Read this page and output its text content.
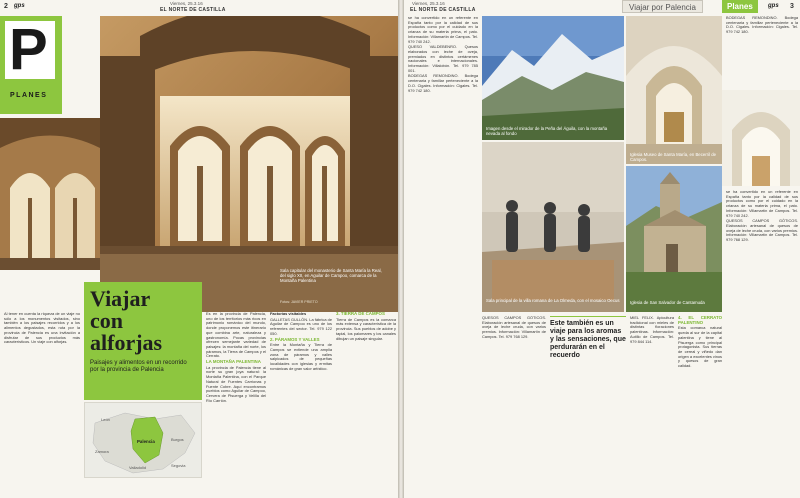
2 gps	Viernes, 25.3.16
EL NORTE DE CASTILLA
P
PLANES
Sala capitular del monasterio de Santa María la Real, del siglo XII, en Aguilar de Campoo, comarca de la Montaña Palentina
Fotos: JAVIER PRIETO
Viajar
con
alforjas
Paisajes y alimentos en un recorrido por la provincia de Palencia
León
Palencia	Burgos
Zamora
Valladolid	Segovia

Al tener en cuenta la riqueza de un viaje no sólo a los monumentos visitados, sino también a los paisajes recorridos y a los alimentos degustados, esta ruta por la provincia de Palencia es una invitación a disfrutar de sus productos más característicos. Un viaje con alforjas.

Es en la provincia de Palencia, uno de los territorios más ricos en patrimonio románico del mundo, donde proponemos este itinerario que combina arte, naturaleza y gastronomía. Pocas provincias ofrecen semejante variedad de paisajes: la montaña del norte, los páramos, la Tierra de Campos y el Cerrato.

LA MONTAÑA PALENTINA

La provincia de Palencia tiene al norte su gran joya natural: la Montaña Palentina, con el Parque Natural de Fuentes Carrionas y Fuente Cobre. Aquí encontramos pueblos como Aguilar de Campoo, Cervera de Pisuerga y Velilla del Río Carrión.

Factorías visitables

GALLETAS GULLÓN. La fábrica de Aguilar de Campoo es uno de los referentes del sector. Tel. 979 122 050.

2. PÁRAMOS Y VALLES

Entre la Montaña y Tierra de Campos se extiende una amplia zona de páramos y valles salpicados de pequeñas localidades con iglesias y ermitas románicas de gran valor artístico.

3. TIERRA DE CAMPOS

Tierra de Campos es la comarca más extensa y característica de la provincia. Sus pueblos de adobe y tapial, los palomares y los canales dibujan un paisaje singular.

Viernes, 25.3.16
EL NORTE DE CASTILLA	Viajar por Palencia	Planes	gps 3
Imagen desde el mirador de la Peña del Águila, con la montaña nevada al fondo
Iglesia Museo de Santa María, en Becerril de Campos.
Sala principal de la villa romana de La Olmeda, con el mosaico Oecus Iglesia de San Salvador de Cantamuda

se ha convertido en un referente en España tanto por la calidad de sus productos como por el cuidado en la crianza de su materia prima, el pato. Información: Villamartín de Campos. Tel. 979 740 242.

QUESO VALDEBENRO. Quesos elaborados con leche de oveja, premiados en distintos certámenes nacionales e internacionales. Información: Villalobón. Tel. 979 785 001.

BODEGAS REMONDINO. Bodega centenaria y familiar perteneciente a la D.O. Cigales. Información: Cigales. Tel. 979 742 180.

Este también es un viaje para los aromas y las sensaciones, que perdurarán en el recuerdo

QUESOS CAMPOS GÓTICOS. Elaboración artesanal de quesos de oveja de leche cruda, con varios premios. Información: Villamartín de Campos. Tel. 979 768 129.

MIEL FELIX. Apicultura tradicional con mieles de distintas floraciones palentinas. Información: Autillo de Campos. Tel. 979 844 114.

4. EL CERRATO PALENTINO

Esta comarca natural queda al sur de la capital palentina y tiene al Pisuerga como principal protagonista. Sus tierras de cereal y viñedo dan origen a excelentes vinos y quesos de gran calidad.

se ha convertido en un referente en España tanto por la calidad de sus productos como por el cuidado en la crianza de su materia prima, el pato. Información: Villamartín de Campos. Tel. 979 740 242.

QUESOS CAMPOS GÓTICOS. Elaboración artesanal de quesos de oveja de leche cruda, con varios premios. Información: Villamartín de Campos. Tel. 979 768 129.

BODEGAS REMONDINO. Bodega centenaria y familiar perteneciente a la D.O. Cigales. Información: Cigales. Tel. 979 742 180.
